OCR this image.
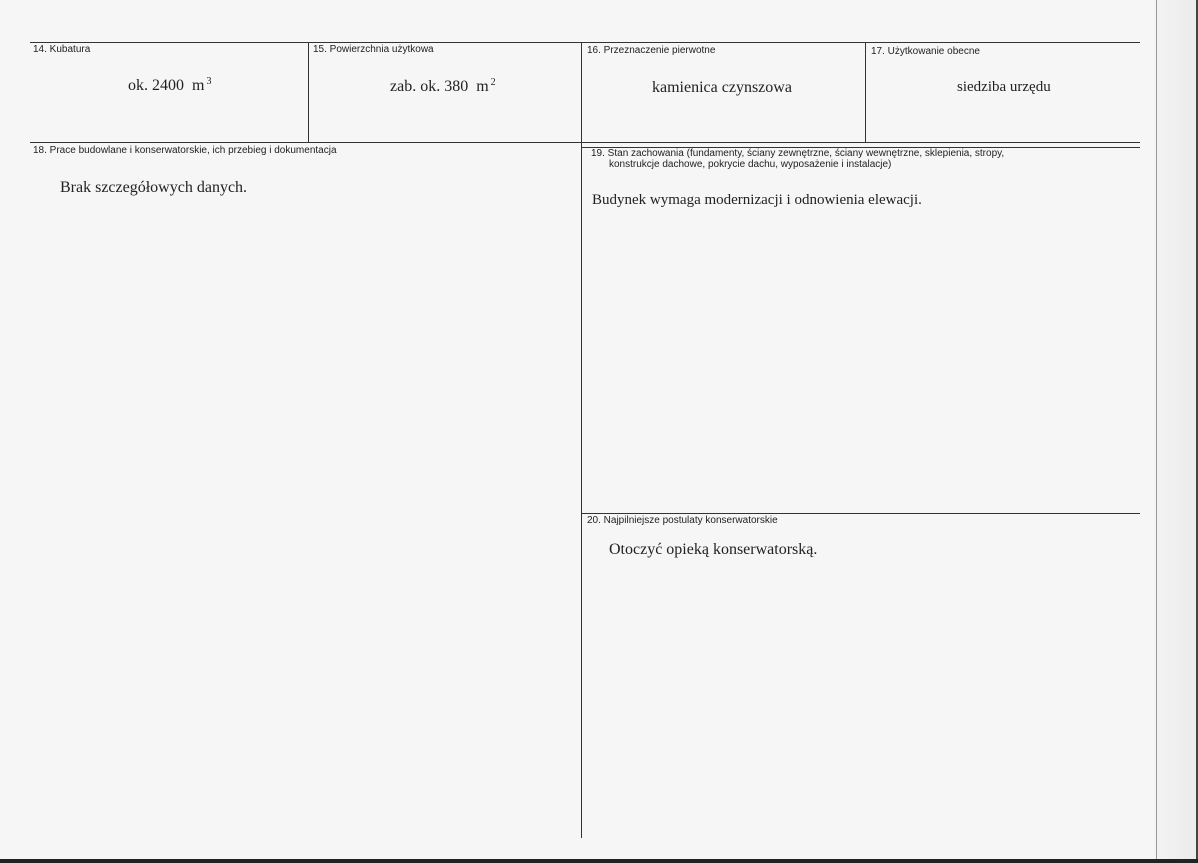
14. Kubatura
ok. 2400 m $^3$
15. Powierzchnia użytkowa
zab. ok. 380 m $^2$
16. Przeznaczenie pierwotne
kamienica czynszowa
17. Użytkowanie obecne
siedziba urzędu
18. Prace budowlane i konserwatorskie, ich przebieg i dokumentacja
Brak szczegółowych danych.
19. Stan zachowania (fundamenty, ściany zewnętrzne, ściany wewnętrzne, sklepienia, stropy,
konstrukcje dachowe, pokrycie dachu, wyposażenie i instalacje)
Budynek wymaga modernizacji i odnowienia elewacji.
20. Najpilniejsze postulaty konserwatorskie
Otoczyć opieką konserwatorską.
